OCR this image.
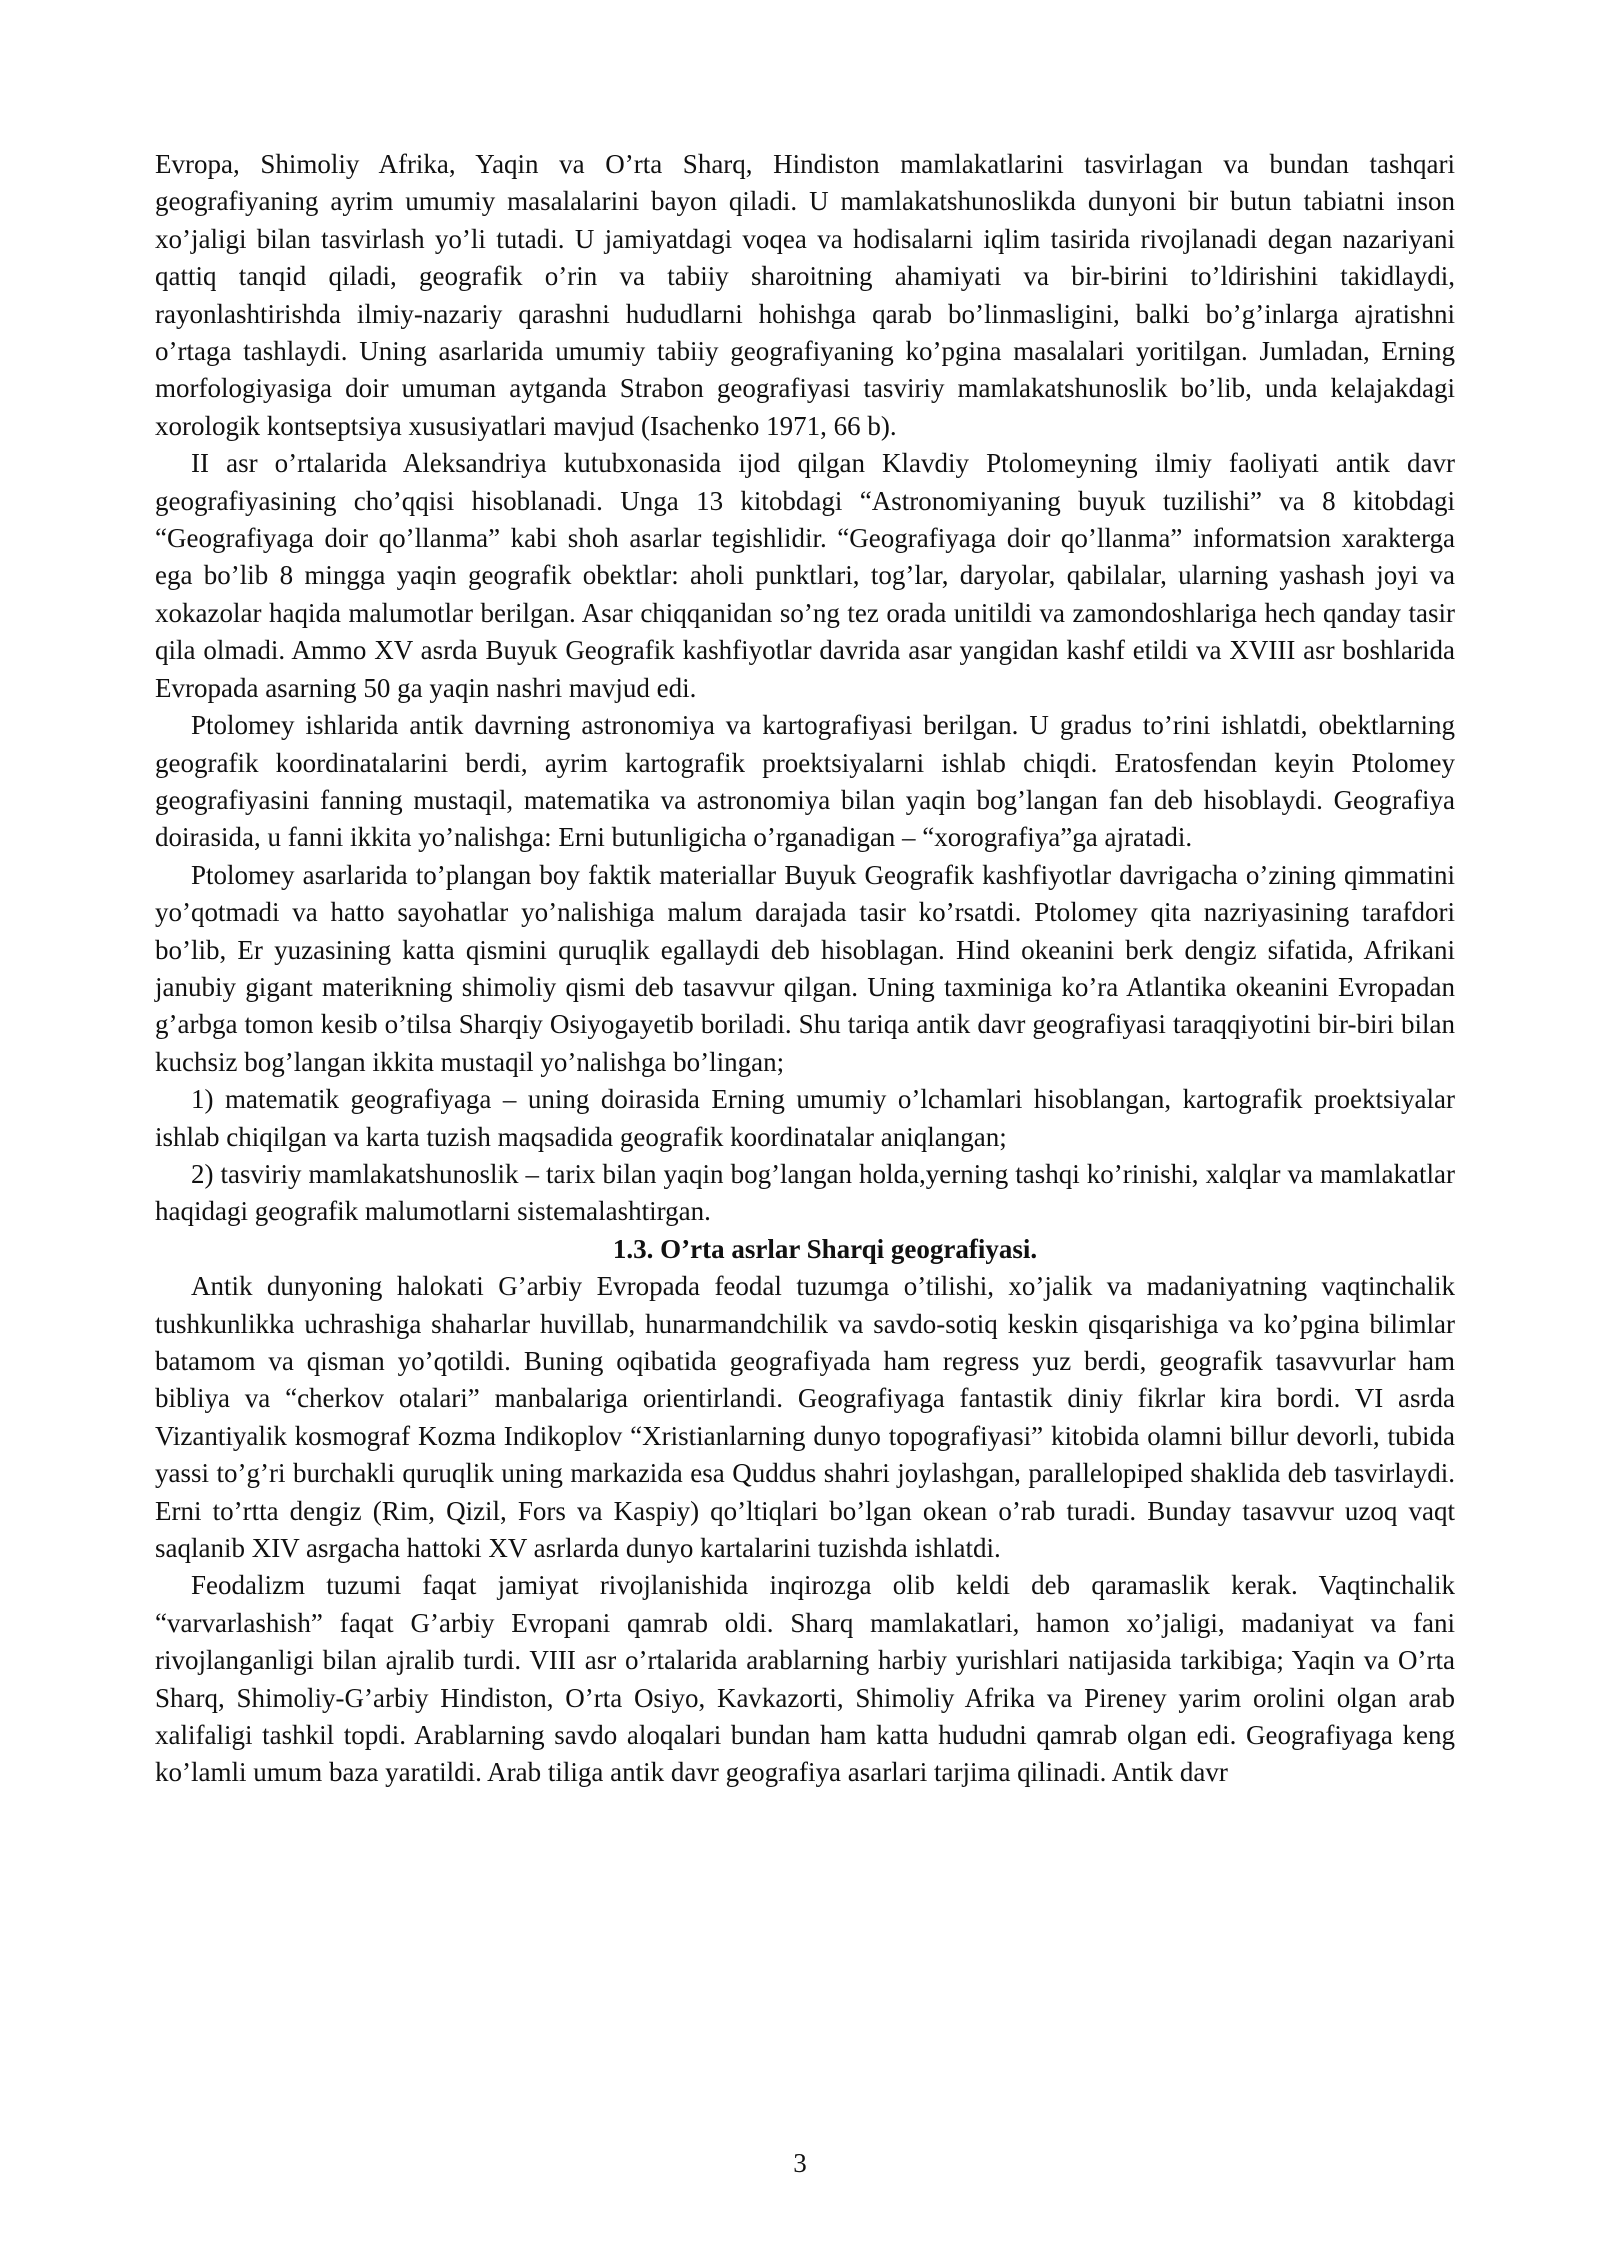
Evropa, Shimoliy Afrika, Yaqin va O’rta Sharq, Hindiston mamlakatlarini tasvirlagan va bundan tashqari geografiyaning ayrim umumiy masalalarini bayon qiladi. U mamlakatshunoslikda dunyoni bir butun tabiatni inson xo’jaligi bilan tasvirlash yo’li tutadi. U jamiyatdagi voqea va hodisalarni iqlim tasirida rivojlanadi degan nazariyani qattiq tanqid qiladi, geografik o’rin va tabiiy sharoitning ahamiyati va bir-birini to’ldirishini takidlaydi, rayonlashtirishda ilmiy-nazariy qarashni hududlarni hohishga qarab bo’linmasligini, balki bo’g’inlarga ajratishni o’rtaga tashlaydi. Uning asarlarida umumiy tabiiy geografiyaning ko’pgina masalalari yoritilgan. Jumladan, Erning morfologiyasiga doir umuman aytganda Strabon geografiyasi tasviriy mamlakatshunoslik bo’lib, unda kelajakdagi xorologik kontseptsiya xususiyatlari mavjud (Isachenko 1971, 66 b).

II asr o’rtalarida Aleksandriya kutubxonasida ijod qilgan Klavdiy Ptolomeyning ilmiy faoliyati antik davr geografiyasining cho’qqisi hisoblanadi. Unga 13 kitobdagi “Astronomiyaning buyuk tuzilishi” va 8 kitobdagi “Geografiyaga doir qo’llanma” kabi shoh asarlar tegishlidir. “Geografiyaga doir qo’llanma” informatsion xarakterga ega bo’lib 8 mingga yaqin geografik obektlar: aholi punktlari, tog’lar, daryolar, qabilalar, ularning yashash joyi va xokazolar haqida malumotlar berilgan. Asar chiqqanidan so’ng tez orada unitildi va zamondoshlariga hech qanday tasir qila olmadi. Ammo XV asrda Buyuk Geografik kashfiyotlar davrida asar yangidan kashf etildi va XVIII asr boshlarida Evropada asarning 50 ga yaqin nashri mavjud edi.

Ptolomey ishlarida antik davrning astronomiya va kartografiyasi berilgan. U gradus to’rini ishlatdi, obektlarning geografik koordinatalarini berdi, ayrim kartografik proektsiyalarni ishlab chiqdi. Eratosfendan keyin Ptolomey geografiyasini fanning mustaqil, matematika va astronomiya bilan yaqin bog’langan fan deb hisoblaydi. Geografiya doirasida, u fanni ikkita yo’nalishga: Erni butunligicha o’rganadigan – “xorografiya”ga ajratadi.

Ptolomey asarlarida to’plangan boy faktik materiallar Buyuk Geografik kashfiyotlar davrigacha o’zining qimmatini yo’qotmadi va hatto sayohatlar yo’nalishiga malum darajada tasir ko’rsatdi. Ptolomey qita nazriyasining tarafdori bo’lib, Er yuzasining katta qismini quruqlik egallaydi deb hisoblagan. Hind okeanini berk dengiz sifatida, Afrikani janubiy gigant materikning shimoliy qismi deb tasavvur qilgan. Uning taxminiga ko’ra Atlantika okeanini Evropadan g’arbga tomon kesib o’tilsa Sharqiy Osiyogayetib boriladi. Shu tariqa antik davr geografiyasi taraqqiyotini bir-biri bilan kuchsiz bog’langan ikkita mustaqil yo’nalishga bo’lingan;

1) matematik geografiyaga – uning doirasida Erning umumiy o’lchamlari hisoblangan, kartografik proektsiyalar ishlab chiqilgan va karta tuzish maqsadida geografik koordinatalar aniqlangan;

2) tasviriy mamlakatshunoslik – tarix bilan yaqin bog’langan holda,yerning tashqi ko’rinishi, xalqlar va mamlakatlar haqidagi geografik malumotlarni sistemalashtirgan.

1.3. O’rta asrlar Sharqi geografiyasi.

Antik dunyoning halokati G’arbiy Evropada feodal tuzumga o’tilishi, xo’jalik va madaniyatning vaqtinchalik tushkunlikka uchrashiga shaharlar huvillab, hunarmandchilik va savdo-sotiq keskin qisqarishiga va ko’pgina bilimlar batamom va qisman yo’qotildi. Buning oqibatida geografiyada ham regress yuz berdi, geografik tasavvurlar ham bibliya va “cherkov otalari” manbalariga orientirlandi. Geografiyaga fantastik diniy fikrlar kira bordi. VI asrda Vizantiyalik kosmograf Kozma Indikoplov “Xristianlarning dunyo topografiyasi” kitobida olamni billur devorli, tubida yassi to’g’ri burchakli quruqlik uning markazida esa Quddus shahri joylashgan, parallelopiped shaklida deb tasvirlaydi. Erni to’rtta dengiz (Rim, Qizil, Fors va Kaspiy) qo’ltiqlari bo’lgan okean o’rab turadi. Bunday tasavvur uzoq vaqt saqlanib XIV asrgacha hattoki XV asrlarda dunyo kartalarini tuzishda ishlatdi.

Feodalizm tuzumi faqat jamiyat rivojlanishida inqirozga olib keldi deb qaramaslik kerak. Vaqtinchalik “varvarlashish” faqat G’arbiy Evropani qamrab oldi. Sharq mamlakatlari, hamon xo’jaligi, madaniyat va fani rivojlanganligi bilan ajralib turdi. VIII asr o’rtalarida arablarning harbiy yurishlari natijasida tarkibiga; Yaqin va O’rta Sharq, Shimoliy-G’arbiy Hindiston, O’rta Osiyo, Kavkazorti, Shimoliy Afrika va Pireney yarim orolini olgan arab xalifaligi tashkil topdi. Arablarning savdo aloqalari bundan ham katta hududni qamrab olgan edi. Geografiyaga keng ko’lamli umum baza yaratildi. Arab tiliga antik davr geografiya asarlari tarjima qilinadi. Antik davr

3
